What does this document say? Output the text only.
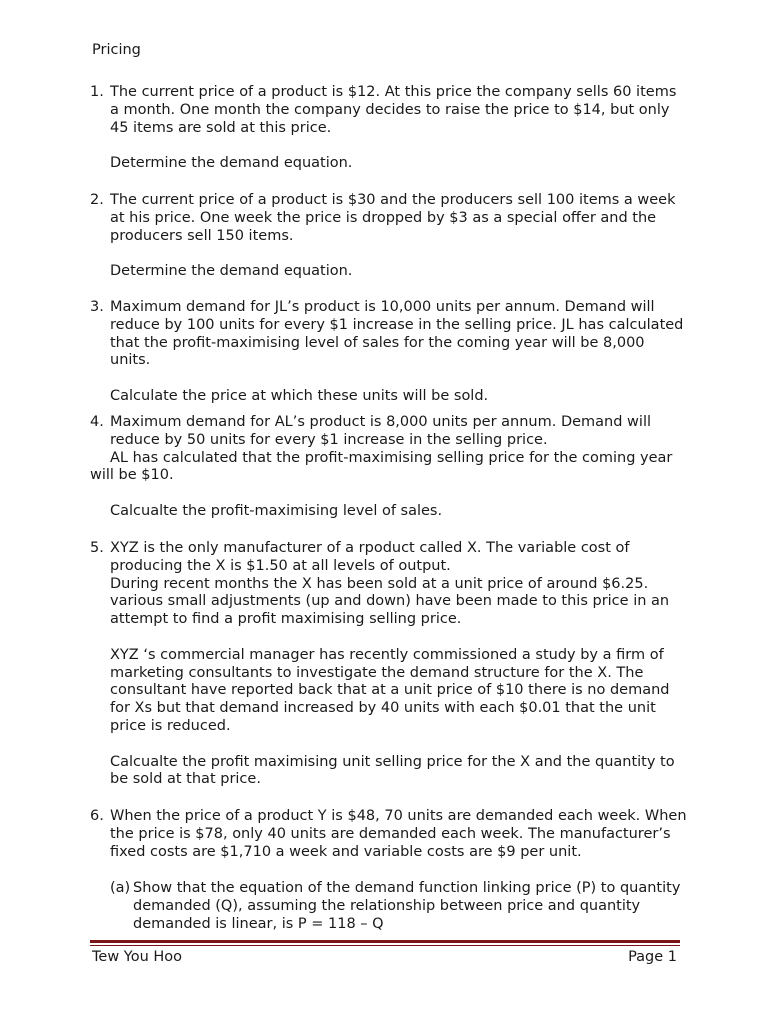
Pricing
1. The current price of a product is $12. At this price the company sells 60 items
a month. One month the company decides to raise the price to $14, but only
45 items are sold at this price.
Determine the demand equation.
2. The current price of a product is $30 and the producers sell 100 items a week
at his price. One week the price is dropped by $3 as a special offer and the
producers sell 150 items.
Determine the demand equation.
3. Maximum demand for JL’s product is 10,000 units per annum. Demand will
reduce by 100 units for every $1 increase in the selling price. JL has calculated
that the profit-maximising level of sales for the coming year will be 8,000
units.
Calculate the price at which these units will be sold.
4. Maximum demand for AL’s product is 8,000 units per annum. Demand will
reduce by 50 units for every $1 increase in the selling price.
AL has calculated that the profit-maximising selling price for the coming year
will be $10.
Calcualte the profit-maximising level of sales.
5. XYZ is the only manufacturer of a rpoduct called X. The variable cost of
producing the X is $1.50 at all levels of output.
During recent months the X has been sold at a unit price of around $6.25.
various small adjustments (up and down) have been made to this price in an
attempt to find a profit maximising selling price.
XYZ ‘s commercial manager has recently commissioned a study by a firm of
marketing consultants to investigate the demand structure for the X. The
consultant have reported back that at a unit price of $10 there is no demand
for Xs but that demand increased by 40 units with each $0.01 that the unit
price is reduced.
Calcualte the profit maximising unit selling price for the X and the quantity to
be sold at that price.
6. When the price of a product Y is $48, 70 units are demanded each week. When
the price is $78, only 40 units are demanded each week. The manufacturer’s
fixed costs are $1,710 a week and variable costs are $9 per unit.
(a) Show that the equation of the demand function linking price (P) to quantity
demanded (Q), assuming the relationship between price and quantity
demanded is linear, is P = 118 – Q
Tew You Hoo	Page 1
